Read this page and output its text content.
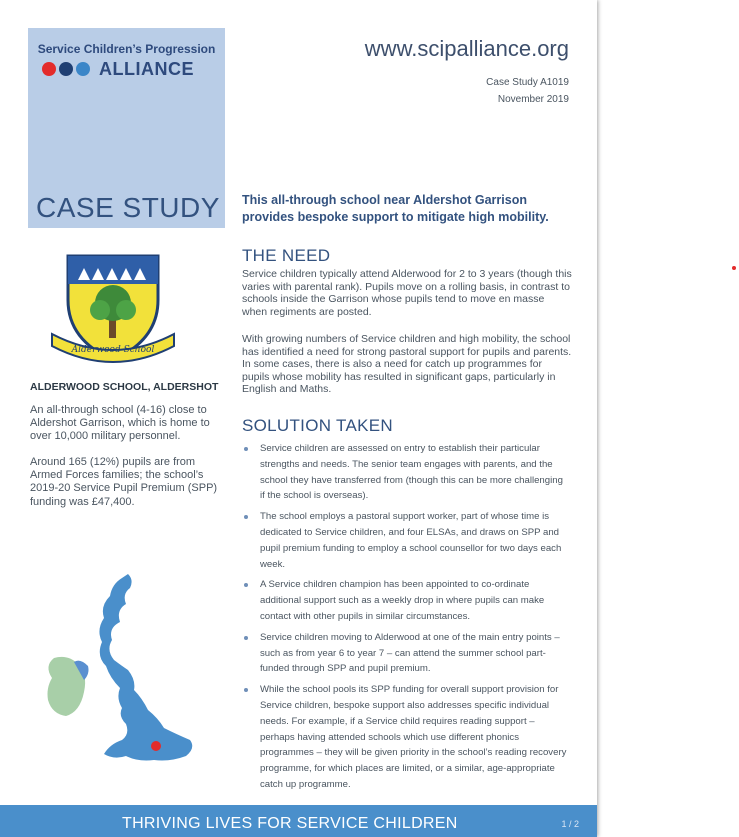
Service Children’s Progression
ALLIANCE
CASE STUDY
Alderwood School
ALDERWOOD SCHOOL, ALDERSHOT

An all-through school (4-16) close to Aldershot Garrison, which is home to over 10,000 military personnel.

Around 165 (12%) pupils are from Armed Forces families; the school’s 2019-20 Service Pupil Premium (SPP) funding was £47,400.

www.scipalliance.org
Case Study A1019
November 2019

This all-through school near Aldershot Garrison provides bespoke support to mitigate high mobility.

THE NEED

Service children typically attend Alderwood for 2 to 3 years (though this varies with parental rank). Pupils move on a rolling basis, in contrast to schools inside the Garrison whose pupils tend to move en masse when regiments are posted.

With growing numbers of Service children and high mobility, the school has identified a need for strong pastoral support for pupils and parents. In some cases, there is also a need for catch up programmes for pupils whose mobility has resulted in significant gaps, particularly in English and Maths.

SOLUTION TAKEN
Service children are assessed on entry to establish their particular strengths and needs. The senior team engages with parents, and the school they have transferred from (though this can be more challenging if the school is overseas).
The school employs a pastoral support worker, part of whose time is dedicated to Service children, and four ELSAs, and draws on SPP and pupil premium funding to employ a school counsellor for two days each week.
A Service children champion has been appointed to co-ordinate additional support such as a weekly drop in where pupils can make contact with other pupils in similar circumstances.
Service children moving to Alderwood at one of the main entry points – such as from year 6 to year 7 – can attend the summer school part-funded through SPP and pupil premium.
While the school pools its SPP funding for overall support provision for Service children, bespoke support also addresses specific individual needs. For example, if a Service child requires reading support – perhaps having attended schools which use different phonics programmes – they will be given priority in the school’s reading recovery programme, for which places are limited, or a similar, age-appropriate catch up programme.
THRIVING LIVES FOR SERVICE CHILDREN	1 / 2
